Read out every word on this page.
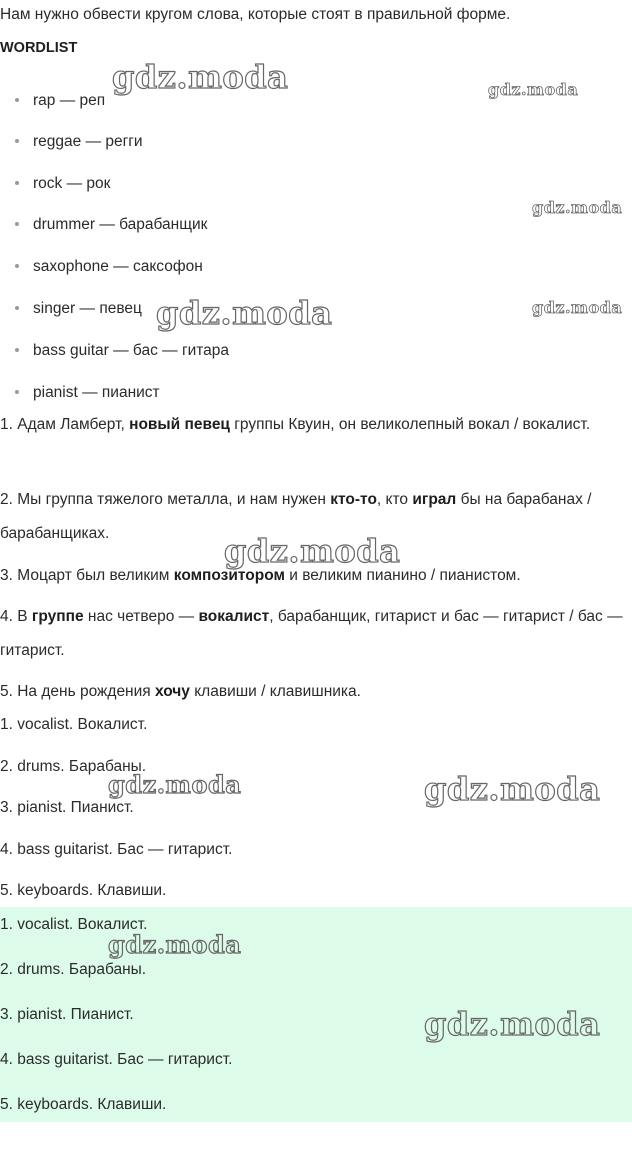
Нам нужно обвести кругом слова, которые стоят в правильной форме.

WORDLIST

rap — реп
reggae — регги
rock — рок
drummer — барабанщик
saxophone — саксофон
singer — певец
bass guitar — бас — гитара
pianist — пианист

1. Адам Ламберт, новый певец группы Квуин, он великолепный вокал / вокалист.

2. Мы группа тяжелого металла, и нам нужен кто-то, кто играл бы на барабанах / барабанщиках.

3. Моцарт был великим композитором и великим пианино / пианистом.

4. В группе нас четверо — вокалист, барабанщик, гитарист и бас — гитарист / бас — гитарист.

5. На день рождения хочу клавиши / клавишника.

1. vocalist. Вокалист.

2. drums. Барабаны.

3. pianist. Пианист.

4. bass guitarist. Бас — гитарист.

5. keyboards. Клавиши.

1. vocalist. Вокалист.

2. drums. Барабаны.

3. pianist. Пианист.

4. bass guitarist. Бас — гитарист.

5. keyboards. Клавиши.

gdz.moda	gdz.moda
gdz.moda
gdz.moda	gdz.moda
gdz.moda
gdz.moda	gdz.moda
gdz.moda
gdz.moda
